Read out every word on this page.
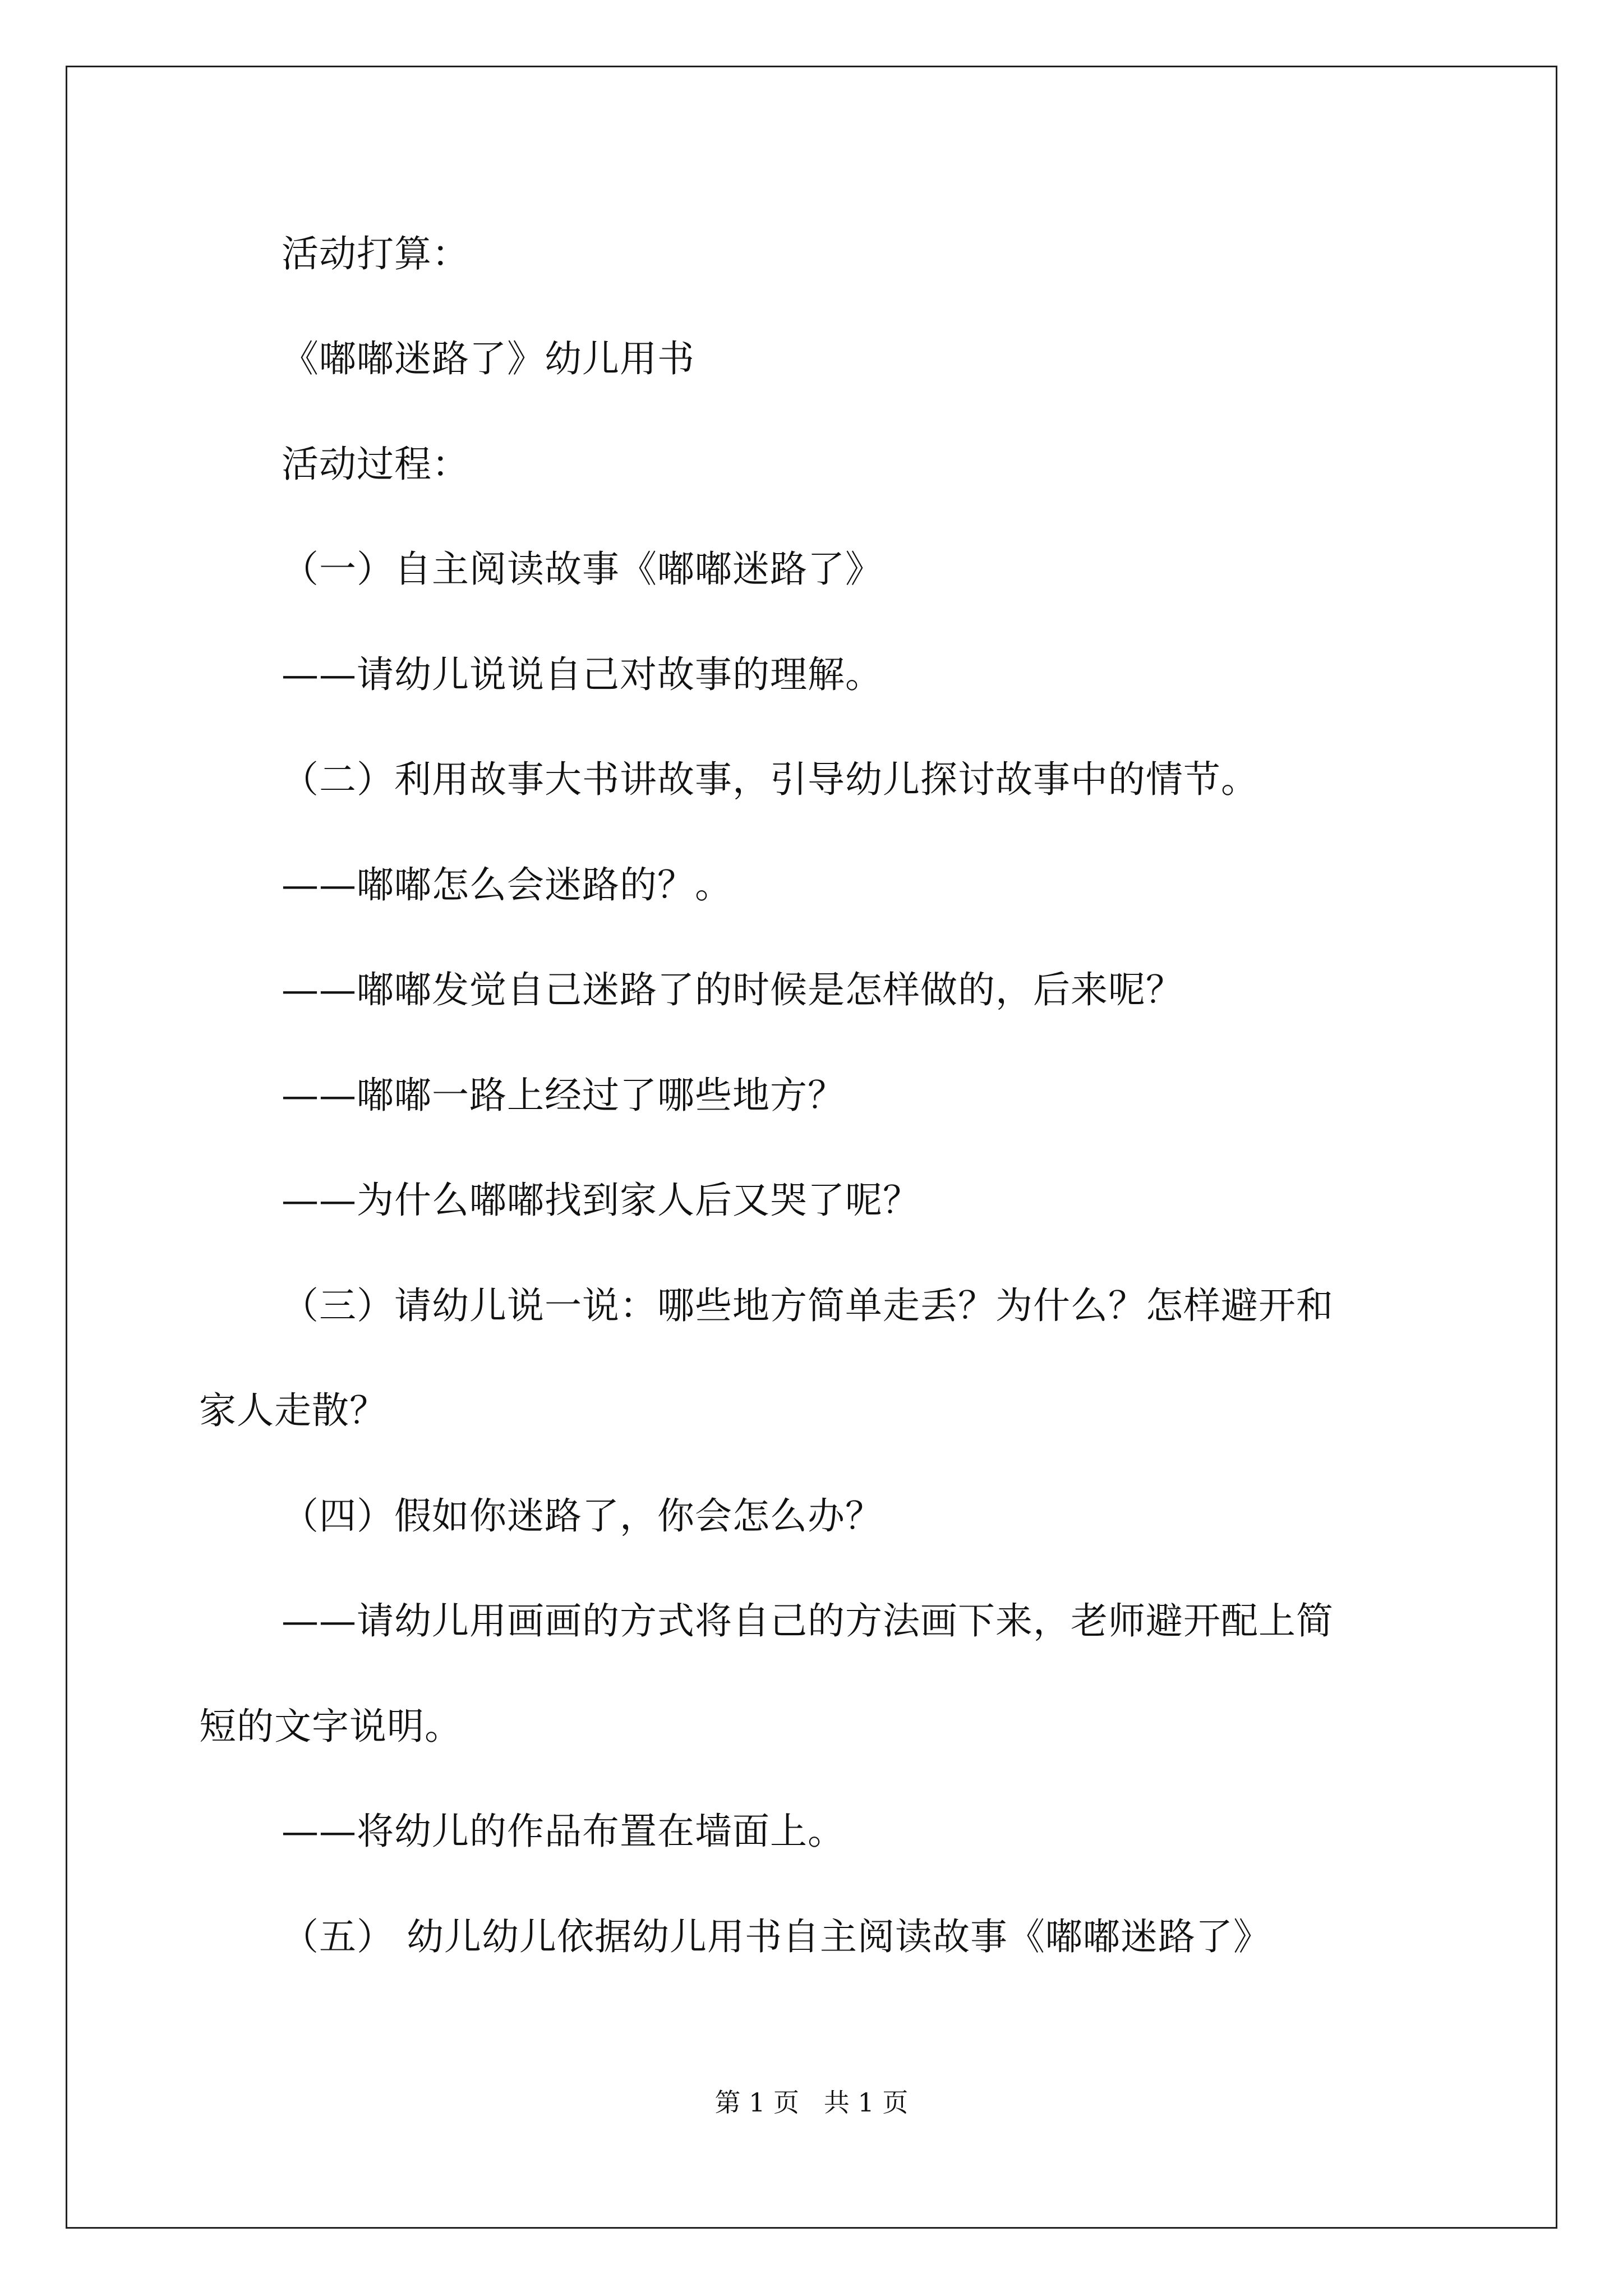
活动打算：
《嘟嘟迷路了》幼儿用书
活动过程：
（一）自主阅读故事《嘟嘟迷路了》
——请幼儿说说自己对故事的理解。
（二）利用故事大书讲故事，引导幼儿探讨故事中的情节。
——嘟嘟怎么会迷路的？。
——嘟嘟发觉自己迷路了的时候是怎样做的，后来呢？
——嘟嘟一路上经过了哪些地方？
——为什么嘟嘟找到家人后又哭了呢？
（三）请幼儿说一说：哪些地方简单走丢？为什么？怎样避开和
家人走散？
（四）假如你迷路了，你会怎么办？
——请幼儿用画画的方式将自己的方法画下来，老师避开配上简
短的文字说明。
——将幼儿的作品布置在墙面上。
（五） 幼儿幼儿依据幼儿用书自主阅读故事《嘟嘟迷路了》
第 1 页   共 1 页
